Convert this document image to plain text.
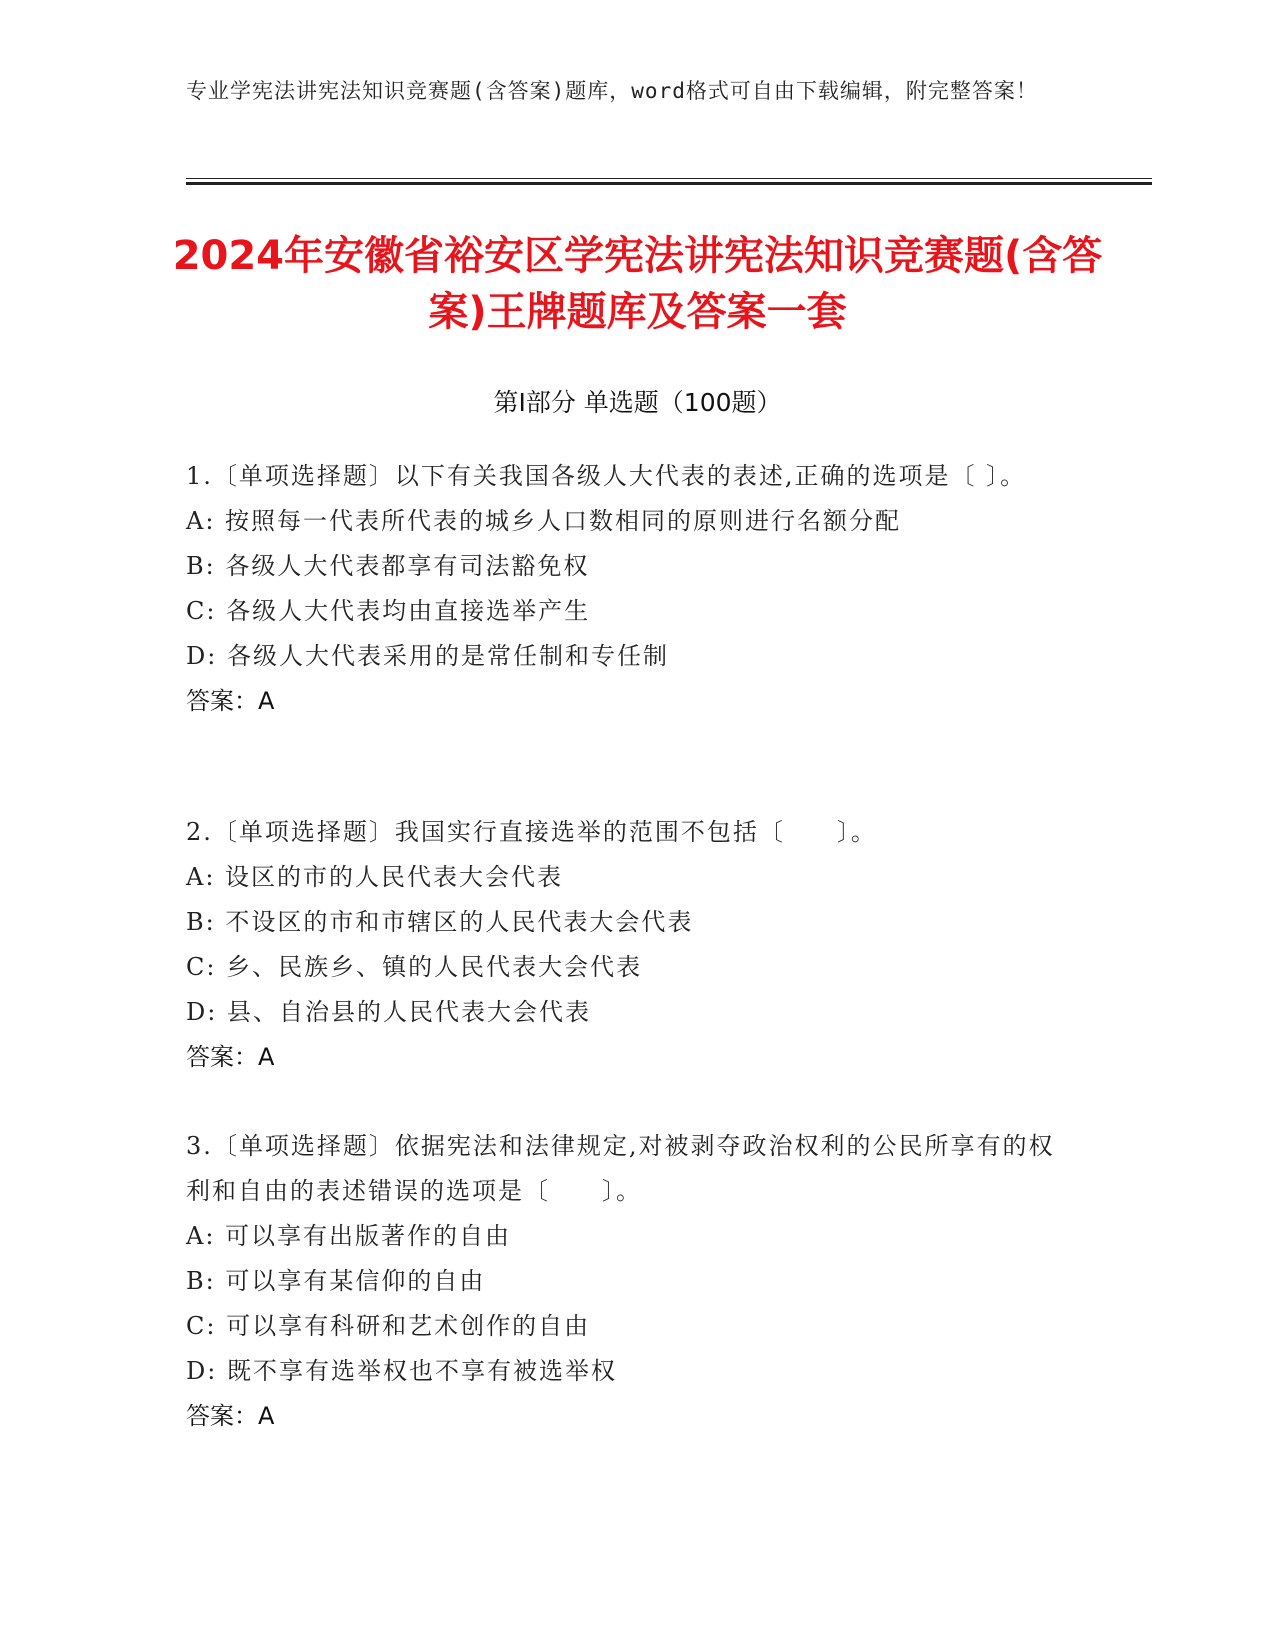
专业学宪法讲宪法知识竞赛题(含答案)题库，word格式可自由下载编辑，附完整答案！
2024年安徽省裕安区学宪法讲宪法知识竞赛题(含答案)王牌题库及答案一套
第Ⅰ部分 单选题（100题）
1.〔单项选择题〕以下有关我国各级人大代表的表述,正确的选项是〔 〕。
A: 按照每一代表所代表的城乡人口数相同的原则进行名额分配
B: 各级人大代表都享有司法豁免权
C: 各级人大代表均由直接选举产生
D: 各级人大代表采用的是常任制和专任制
答案：A
2.〔单项选择题〕我国实行直接选举的范围不包括〔　　〕。
A: 设区的市的人民代表大会代表
B: 不设区的市和市辖区的人民代表大会代表
C: 乡、民族乡、镇的人民代表大会代表
D: 县、自治县的人民代表大会代表
答案：A
3.〔单项选择题〕依据宪法和法律规定,对被剥夺政治权利的公民所享有的权利和自由的表述错误的选项是〔　　〕。
A: 可以享有出版著作的自由
B: 可以享有某信仰的自由
C: 可以享有科研和艺术创作的自由
D: 既不享有选举权也不享有被选举权
答案：A
